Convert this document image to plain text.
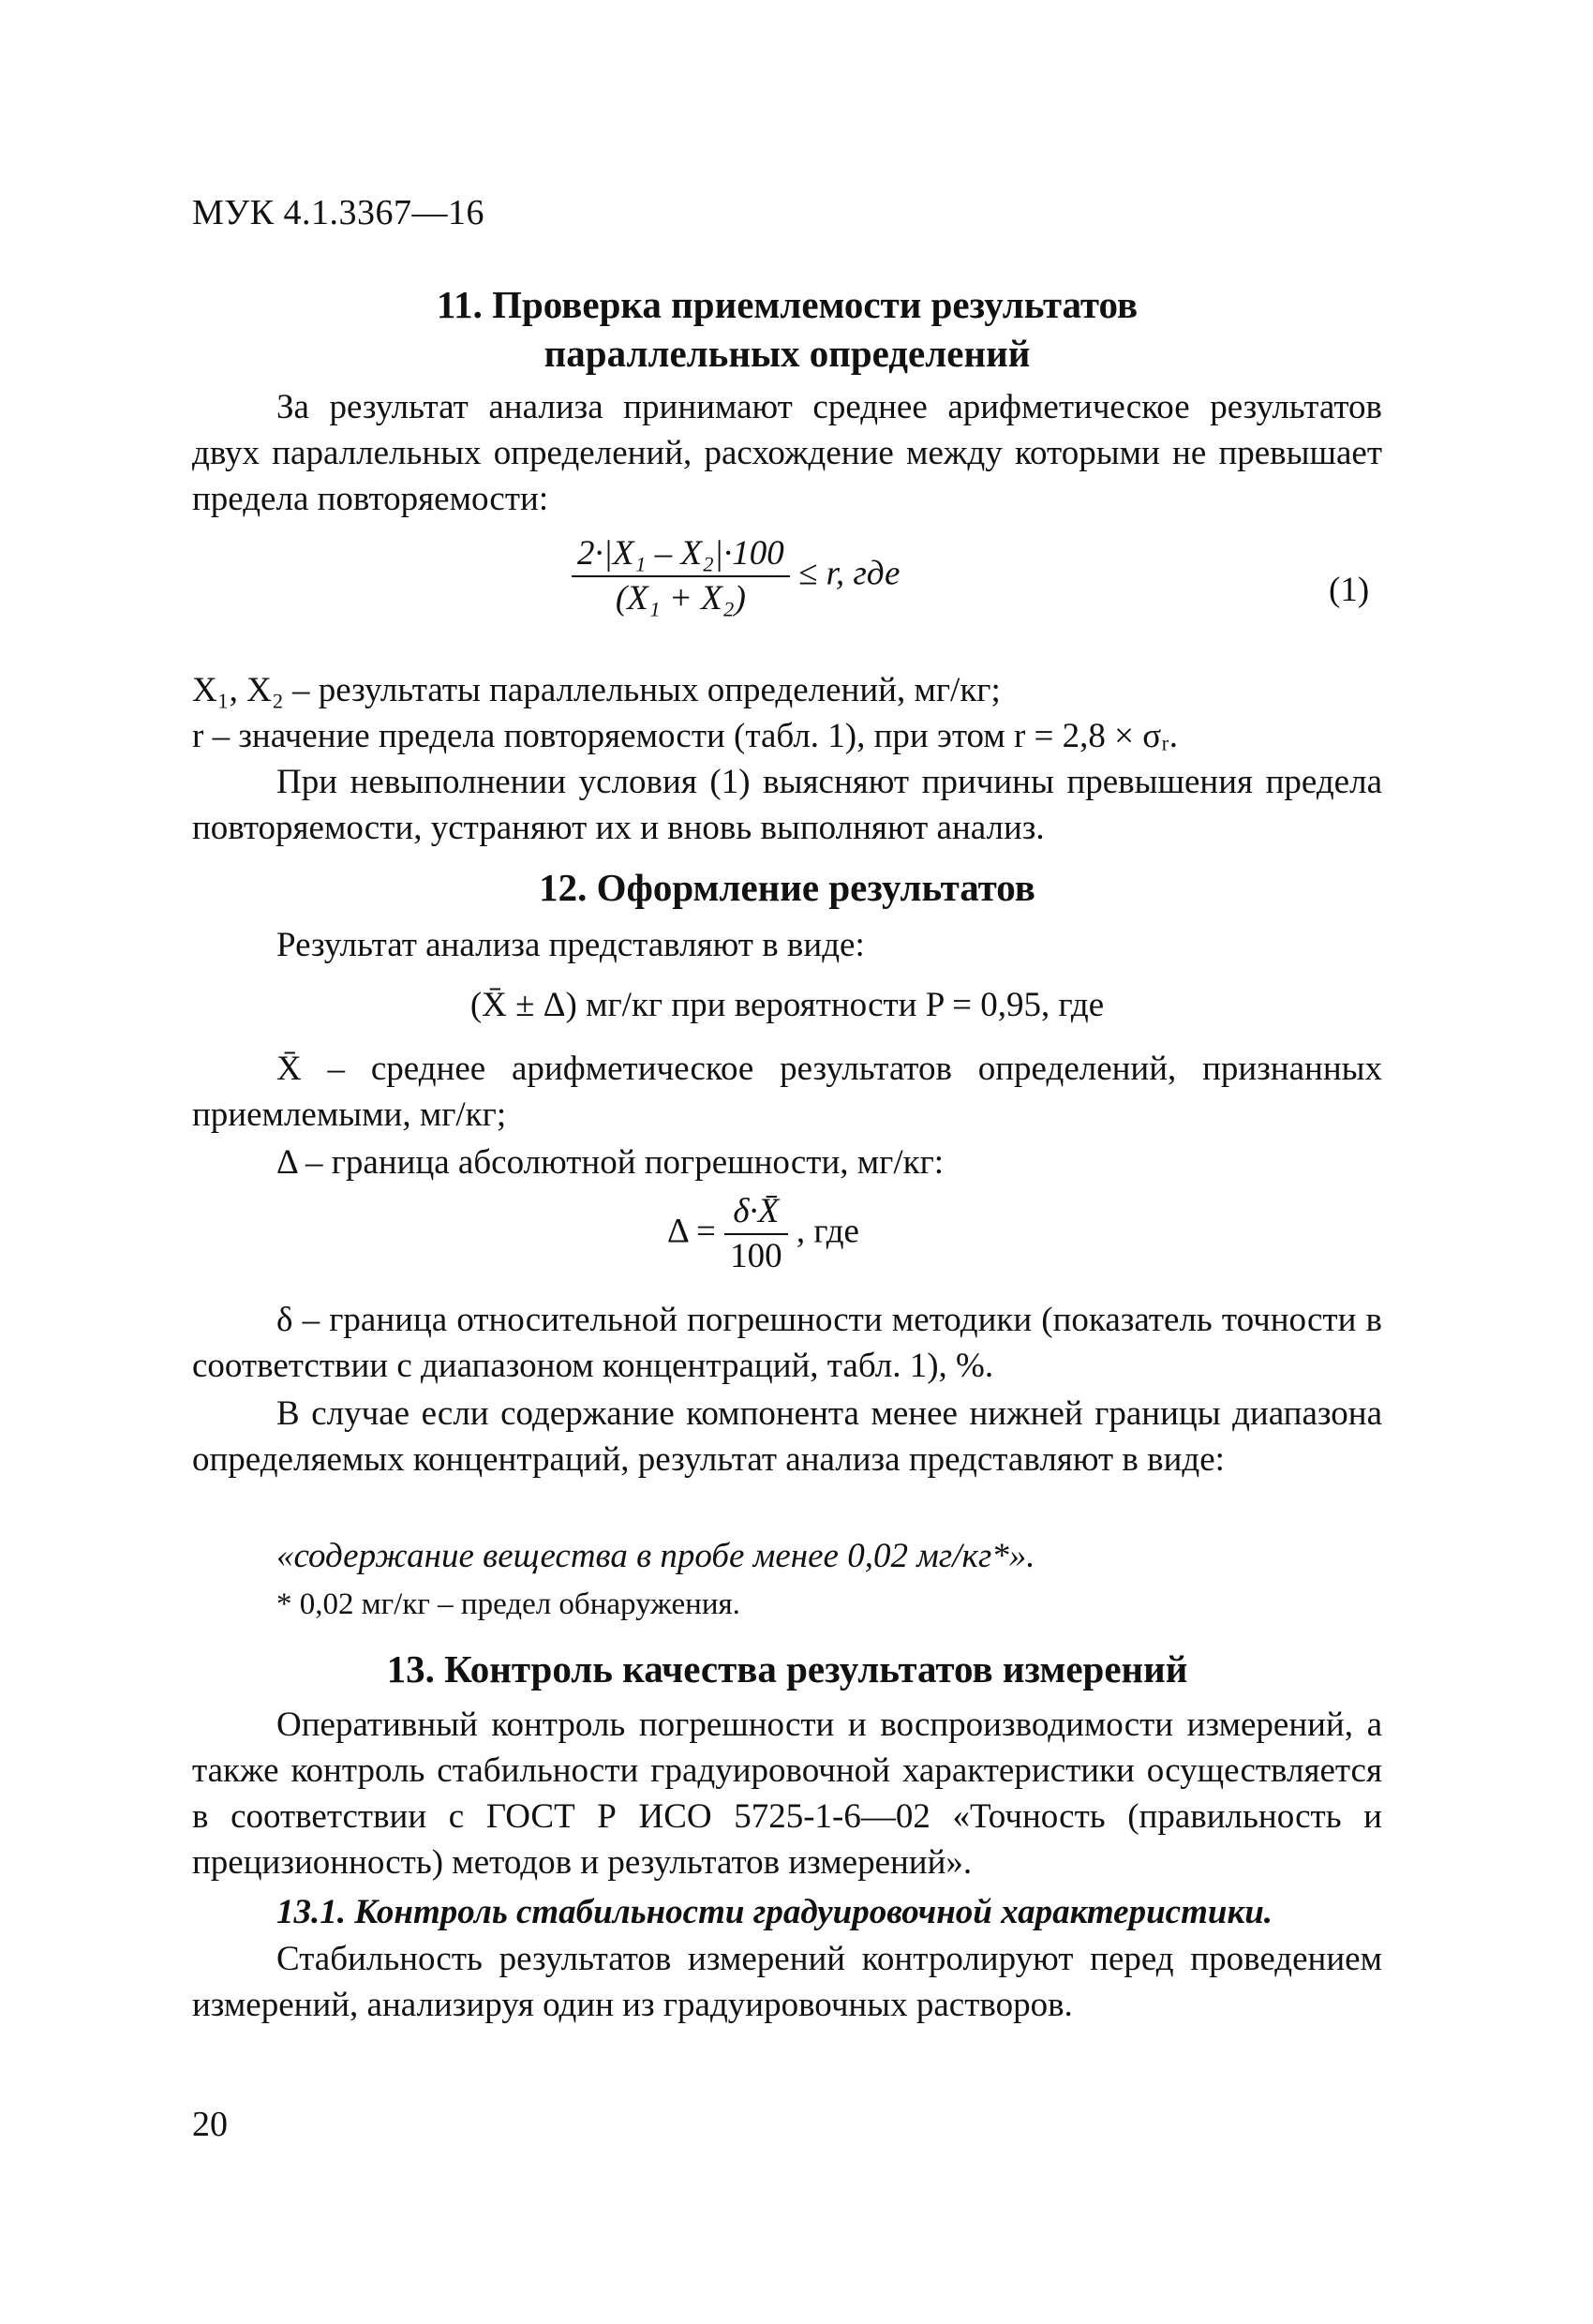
МУК 4.1.3367—16
11. Проверка приемлемости результатов
параллельных определений
За результат анализа принимают среднее арифметическое результатов двух параллельных определений, расхождение между которыми не превышает предела повторяемости:
$\frac{\text{2·|X₁ – X₂|·100}}{\text{(X₁ + X₂)}} \le r$, где	(1)
X₁, X₂ – результаты параллельных определений, мг/кг;
r – значение предела повторяемости (табл. 1), при этом r = 2,8 × σᵣ.
При невыполнении условия (1) выясняют причины превышения предела повторяемости, устраняют их и вновь выполняют анализ.
12. Оформление результатов
Результат анализа представляют в виде:
(X̄ ± Δ) мг/кг при вероятности P = 0,95, где
X̄ – среднее арифметическое результатов определений, признанных приемлемыми, мг/кг;
Δ – граница абсолютной погрешности, мг/кг:
$\Delta = \frac{\delta\cdot X̄}{100}$ , где
δ – граница относительной погрешности методики (показатель точности в соответствии с диапазоном концентраций, табл. 1), %.
В случае если содержание компонента менее нижней границы диапазона определяемых концентраций, результат анализа представляют в виде:
«содержание вещества в пробе менее 0,02 мг/кг*».
* 0,02 мг/кг – предел обнаружения.
13. Контроль качества результатов измерений
Оперативный контроль погрешности и воспроизводимости измерений, а также контроль стабильности градуировочной характеристики осуществляется в соответствии с ГОСТ Р ИСО 5725-1-6—02 «Точность (правильность и прецизионность) методов и результатов измерений».
13.1. Контроль стабильности градуировочной характеристики.
Стабильность результатов измерений контролируют перед проведением измерений, анализируя один из градуировочных растворов.
20
